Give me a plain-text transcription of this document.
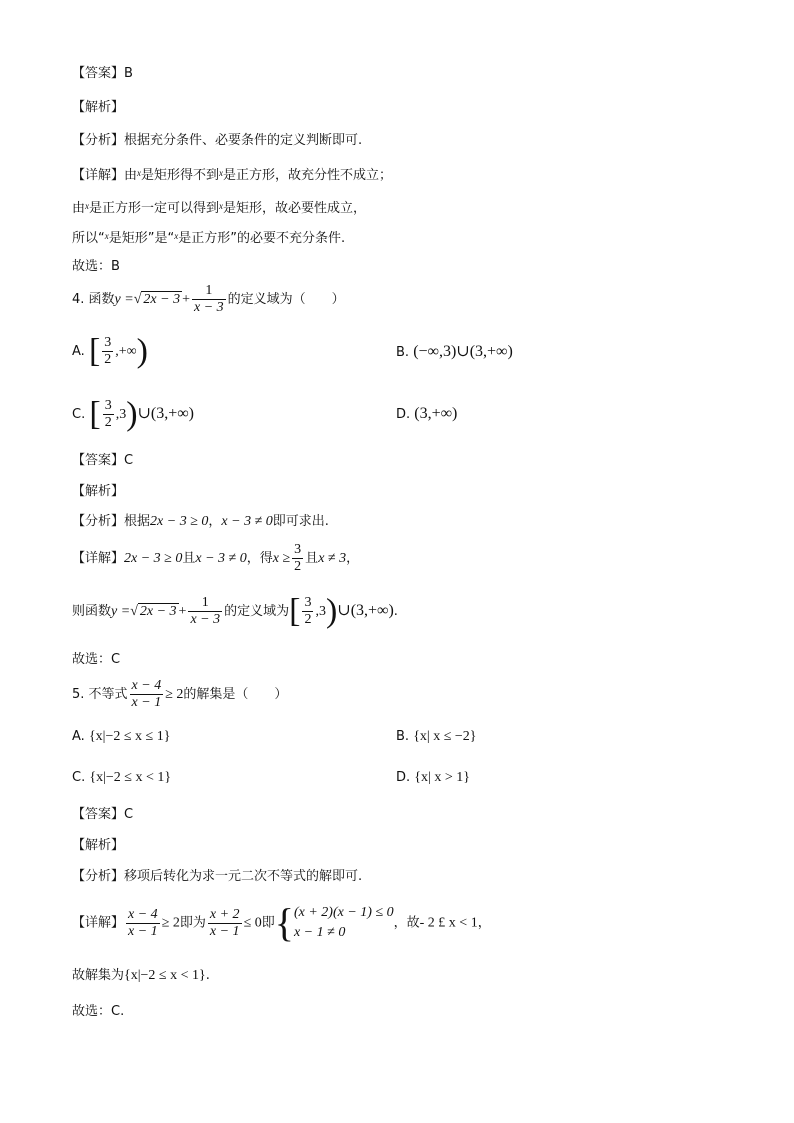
【答案】B
【解析】
【分析】根据充分条件、必要条件的定义判断即可.
【详解】由$^x$是矩形得不到$^x$是正方形，故充分性不成立；
由$^x$是正方形一定可以得到$^x$是矩形，故必要性成立，
所以“$^x$是矩形”是“$^x$是正方形”的必要不充分条件.
故选：B
4. 函数y =√ $2x - 3 + \frac{1}{x - 3}$ 的定义域为（　　）
A. [ $\frac{3}{2}$ ,+∞)	B. (−∞,3)∪(3,+∞)
C. [ $\frac{3}{2}$ ,3)∪(3,+∞)	D. (3,+∞)
【答案】C
【解析】
【分析】根据2x − 3 ≥ 0，x − 3 ≠ 0即可求出.
【详解】2x − 3 ≥ 0且x − 3 ≠ 0，得$x \ge \frac{3}{2}$ 且x ≠ 3，
则函数y =√ $2x - 3 + \frac{1}{x - 3}$ 的定义域为[ $\frac{3}{2}$ ,3)∪(3,+∞).
故选：C
5. 不等式 $\frac{x - 4}{x - 1} \ge 2$的解集是（　　）
A. {x|−2 ≤ x ≤ 1}	B. {x| x ≤ −2}
C. {x|−2 ≤ x < 1}	D. {x| x > 1}
【答案】C
【解析】
【分析】移项后转化为求一元二次不等式的解即可.
【详解】 $\frac{x - 4}{x - 1} \ge 2$即为 $\frac{x + 2}{x - 1} \le 0$即{ (x + 2)(x − 1) ≤ 0
x − 1 ≠ 0
，故- 2 £ x < 1，
故解集为{x|−2 ≤ x < 1}.
故选：C.
